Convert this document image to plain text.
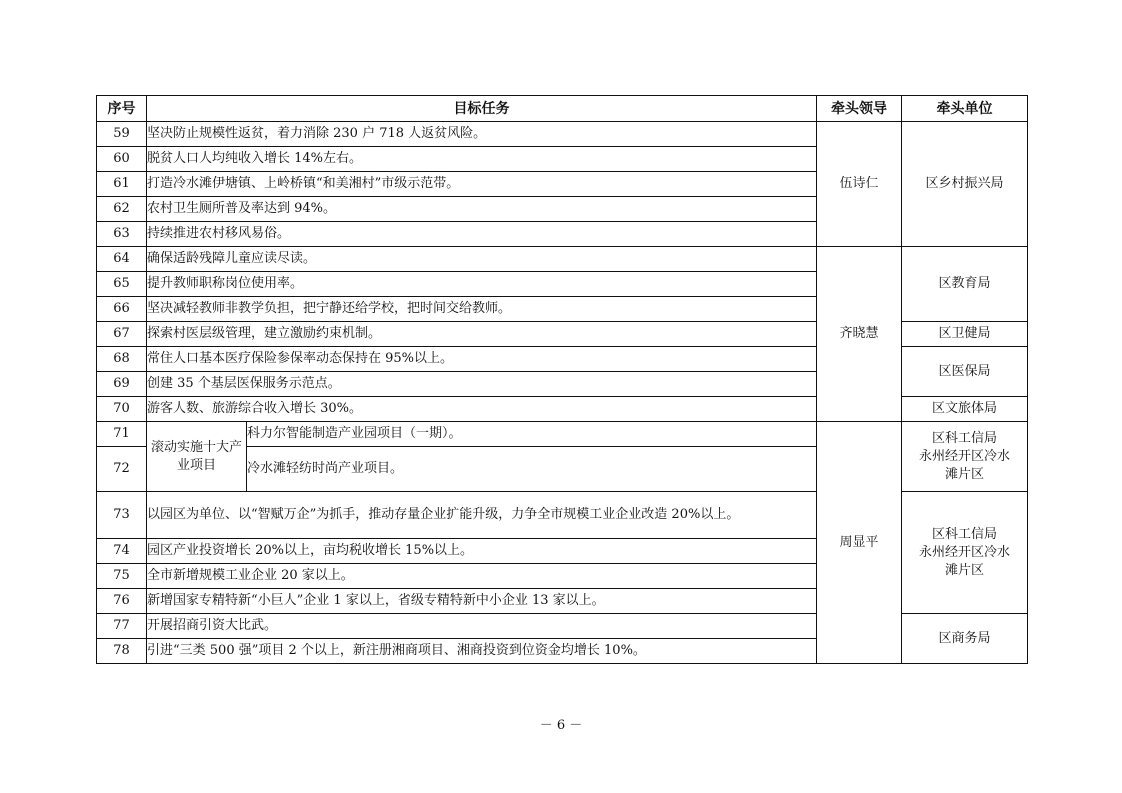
序号	目标任务		牵头领导	牵头单位
59	坚决防止规模性返贫，着力消除 230 户 718 人返贫风险。		伍诗仁	区乡村振兴局
60	脱贫人口人均纯收入增长 14%左右。			
61	打造冷水滩伊塘镇、上岭桥镇“和美湘村”市级示范带。			
62	农村卫生厕所普及率达到 94%。			
63	持续推进农村移风易俗。			
64	确保适龄残障儿童应读尽读。		齐晓慧	区教育局
65	提升教师职称岗位使用率。			
66	坚决减轻教师非教学负担，把宁静还给学校，把时间交给教师。			
67	探索村医层级管理，建立激励约束机制。			区卫健局
68	常住人口基本医疗保险参保率动态保持在 95%以上。			区医保局
69	创建 35 个基层医保服务示范点。			
70	游客人数、旅游综合收入增长 30%。			区文旅体局
71	滚动实施十大产业项目	科力尔智能制造产业园项目（一期）。	周显平	区科工信局
永州经开区冷水
滩片区

72		冷水滩轻纺时尚产业项目。		
73	以园区为单位、以“智赋万企”为抓手，推动存量企业扩能升级，力争全市规模工业企业改造 20%以上。			区科工信局
永州经开区冷水
滩片区

74	园区产业投资增长 20%以上，亩均税收增长 15%以上。			
75	全市新增规模工业企业 20 家以上。			
76	新增国家专精特新“小巨人”企业 1 家以上，省级专精特新中小企业 13 家以上。			
77	开展招商引资大比武。			区商务局
78	引进“三类 500 强”项目 2 个以上，新注册湘商项目、湘商投资到位资金均增长 10%。			
－ 6 －
